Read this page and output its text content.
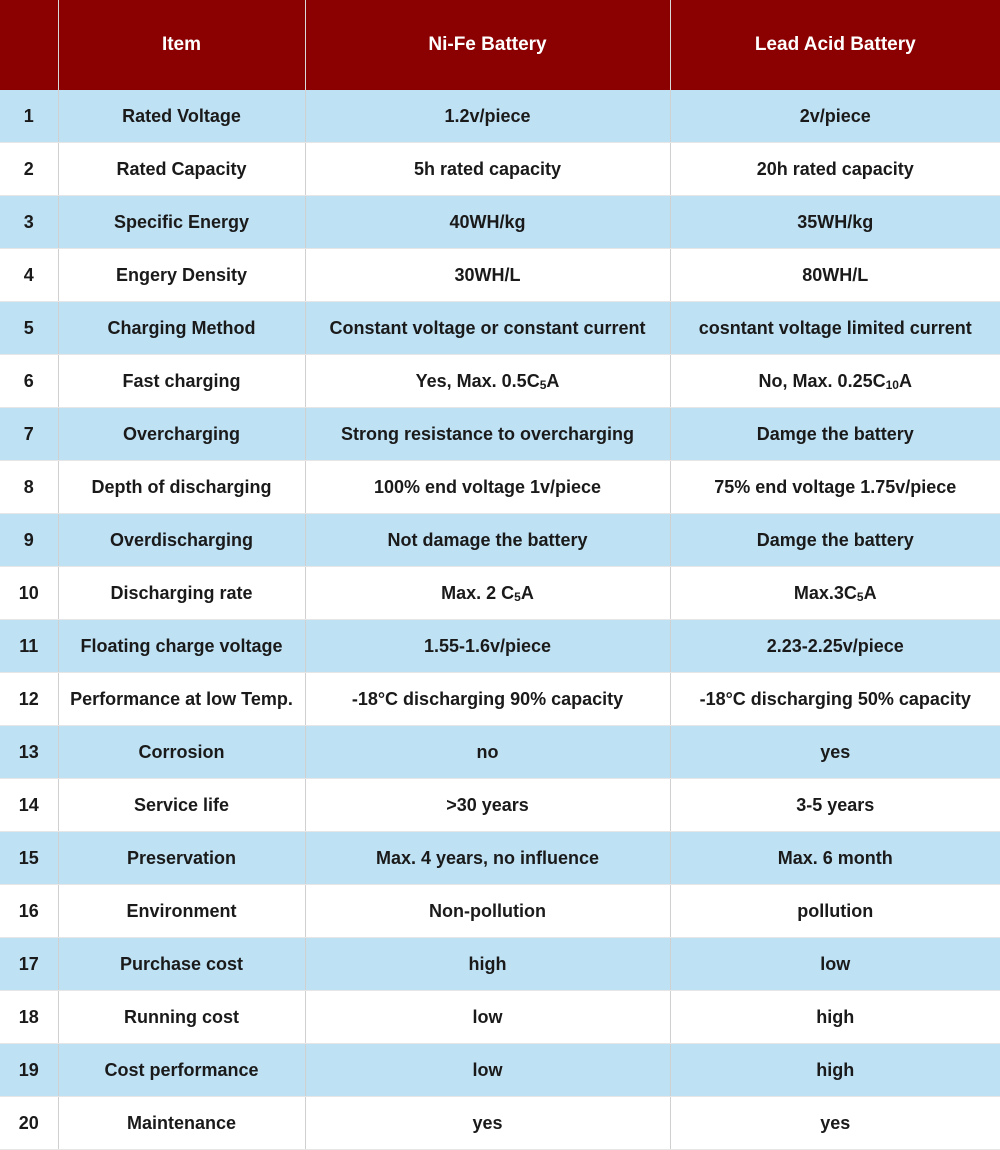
	Item	Ni-Fe Battery	Lead Acid Battery
1	Rated Voltage	1.2v/piece	2v/piece
2	Rated Capacity	5h rated capacity	20h rated capacity
3	Specific Energy	40WH/kg	35WH/kg
4	Engery Density	30WH/L	80WH/L
5	Charging Method	Constant voltage or constant current	cosntant voltage limited current
6	Fast charging	Yes, Max. $0.5C_5A$	No, Max. $0.25C_{10}A$
7	Overcharging	Strong resistance to overcharging	Damge the battery
8	Depth of discharging	100% end voltage 1v/piece	75% end voltage 1.75v/piece
9	Overdischarging	Not damage the battery	Damge the battery
10	Discharging rate	Max. 2 $C_5A$	$Max.3C_5A$
11	Floating charge voltage	1.55-1.6v/piece	2.23-2.25v/piece
12	Performance at low Temp.	-18°C discharging 90% capacity	-18°C discharging 50% capacity
13	Corrosion	no	yes
14	Service life	>30 years	3-5 years
15	Preservation	Max. 4 years, no influence	Max. 6 month
16	Environment	Non-pollution	pollution
17	Purchase cost	high	low
18	Running cost	low	high
19	Cost performance	low	high
20	Maintenance	yes	yes
